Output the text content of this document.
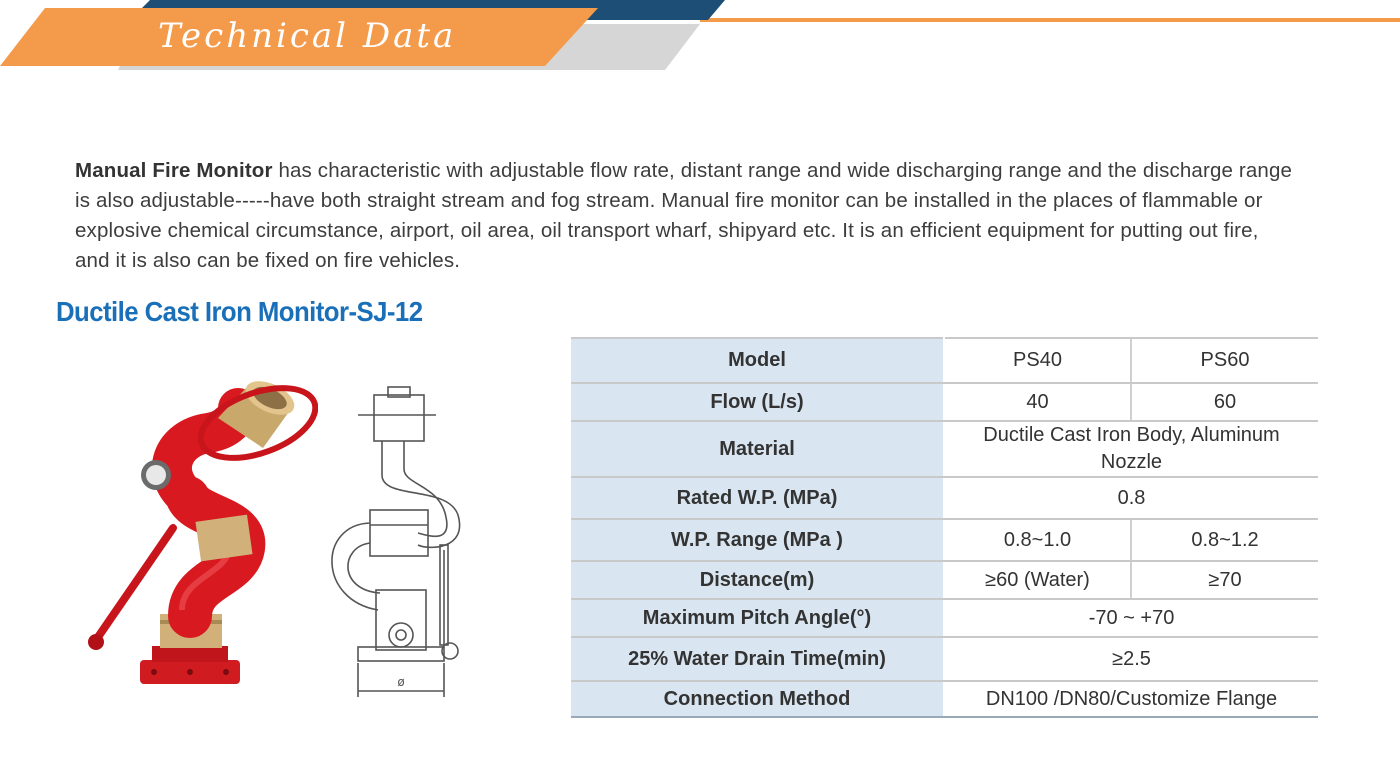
Technical Data
Manual Fire Monitor has characteristic with adjustable flow rate, distant range and wide discharging range and the discharge range is also adjustable-----have both straight stream and fog stream. Manual fire monitor can be installed in the places of flammable or explosive chemical circumstance, airport, oil area, oil transport wharf, shipyard etc. It is an efficient equipment for putting out fire, and it is also can be fixed on fire vehicles.
Ductile Cast Iron Monitor-SJ-12
ø
Model	PS40	PS60
Flow (L/s)	40	60
Material	Ductile Cast Iron Body, Aluminum Nozzle	
Rated W.P. (MPa)	0.8	
W.P. Range (MPa )	0.8~1.0	0.8~1.2
Distance(m)	≥60 (Water)	≥70
Maximum Pitch Angle(°)	-70 ~ +70	
25% Water Drain Time(min)	≥2.5	
Connection Method	DN100 /DN80/Customize Flange	
